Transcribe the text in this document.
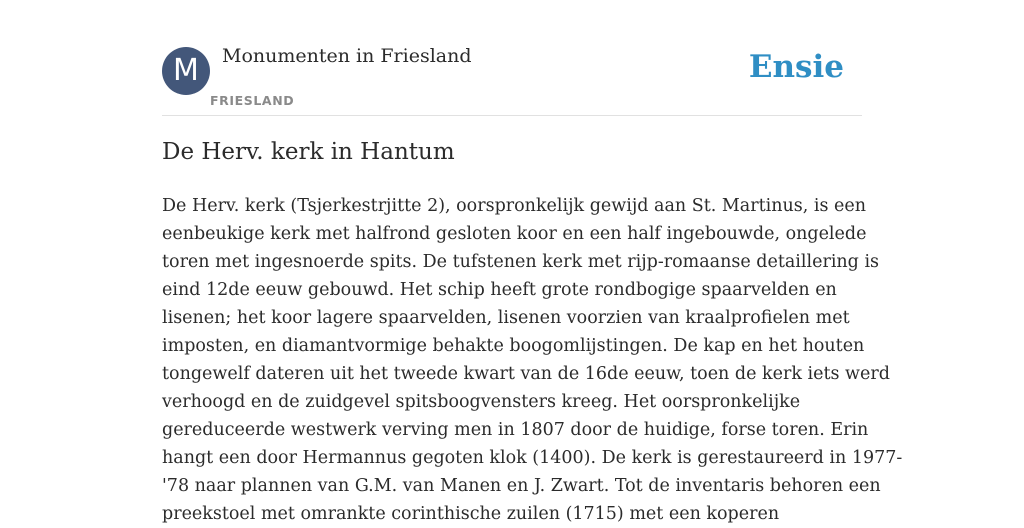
M	Monumenten in Friesland
FRIESLAND
Ensie
De Herv. kerk in Hantum
De Herv. kerk (Tsjerkestrjitte 2), oorspronkelijk gewijd aan St. Martinus, is een
eenbeukige kerk met halfrond gesloten koor en een half ingebouwde, ongelede
toren met ingesnoerde spits. De tufstenen kerk met rijp-romaanse detaillering is
eind 12de eeuw gebouwd. Het schip heeft grote rondbogige spaarvelden en
lisenen; het koor lagere spaarvelden, lisenen voorzien van kraalprofielen met
imposten, en diamantvormige behakte boogomlijstingen. De kap en het houten
tongewelf dateren uit het tweede kwart van de 16de eeuw, toen de kerk iets werd
verhoogd en de zuidgevel spitsboogvensters kreeg. Het oorspronkelijke
gereduceerde westwerk verving men in 1807 door de huidige, forse toren. Erin
hangt een door Hermannus gegoten klok (1400). De kerk is gerestaureerd in 1977-
'78 naar plannen van G.M. van Manen en J. Zwart. Tot de inventaris behoren een
preekstoel met omrankte corinthische zuilen (1715) met een koperen
